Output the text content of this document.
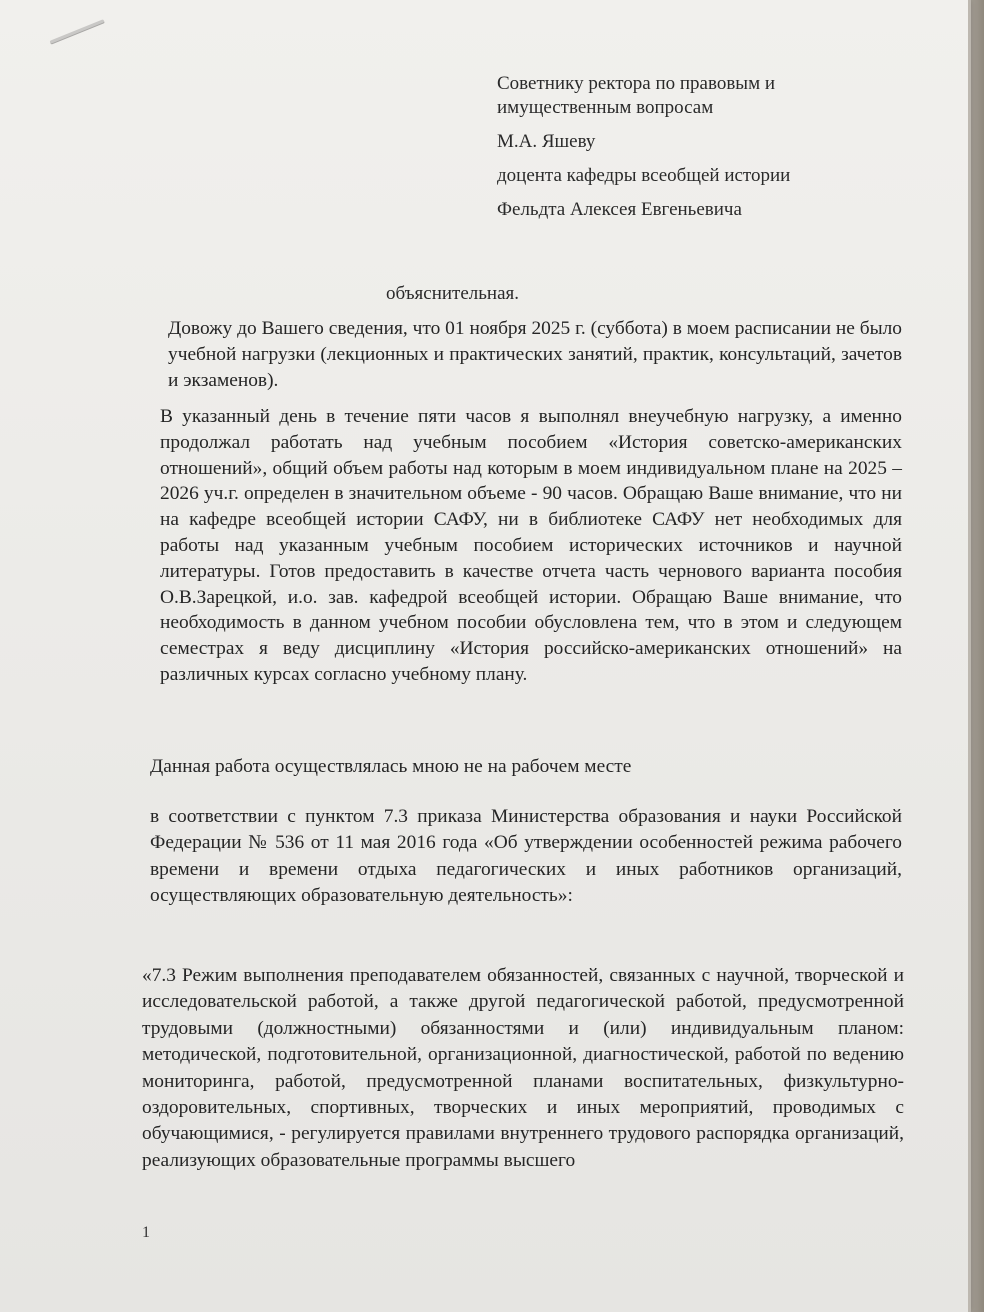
Советнику ректора по правовым и
имущественным вопросам
М.А. Яшеву
доцента кафедры всеобщей истории
Фельдта Алексея Евгеньевича
объяснительная.
Довожу до Вашего сведения, что 01 ноября 2025 г. (суббота) в моем расписании не было учебной нагрузки (лекционных и практических занятий, практик, консультаций, зачетов и экзаменов).
В указанный день в течение пяти часов я выполнял внеучебную нагрузку, а именно продолжал работать над учебным пособием «История советско-американских отношений», общий объем работы над которым в моем индивидуальном плане на 2025 – 2026 уч.г. определен в значительном объеме - 90 часов. Обращаю Ваше внимание, что ни на кафедре всеобщей истории САФУ, ни в библиотеке САФУ нет необходимых для работы над указанным учебным пособием исторических источников и научной литературы. Готов предоставить в качестве отчета часть чернового варианта пособия О.В.Зарецкой, и.о. зав. кафедрой всеобщей истории. Обращаю Ваше внимание, что необходимость в данном учебном пособии обусловлена тем, что в этом и следующем семестрах я веду дисциплину «История российско-американских отношений» на различных курсах согласно учебному плану.
Данная работа осуществлялась мною не на рабочем месте
в соответствии с пунктом 7.3 приказа Министерства образования и науки Российской Федерации № 536 от 11 мая 2016 года «Об утверждении особенностей режима рабочего времени и времени отдыха педагогических и иных работников организаций, осуществляющих образовательную деятельность»:
«7.3 Режим выполнения преподавателем обязанностей, связанных с научной, творческой и исследовательской работой, а также другой педагогической работой, предусмотренной трудовыми (должностными) обязанностями и (или) индивидуальным планом: методической, подготовительной, организационной, диагностической, работой по ведению мониторинга, работой, предусмотренной планами воспитательных, физкультурно-оздоровительных, спортивных, творческих и иных мероприятий, проводимых с обучающимися, - регулируется правилами внутреннего трудового распорядка организаций, реализующих образовательные программы высшего
1
